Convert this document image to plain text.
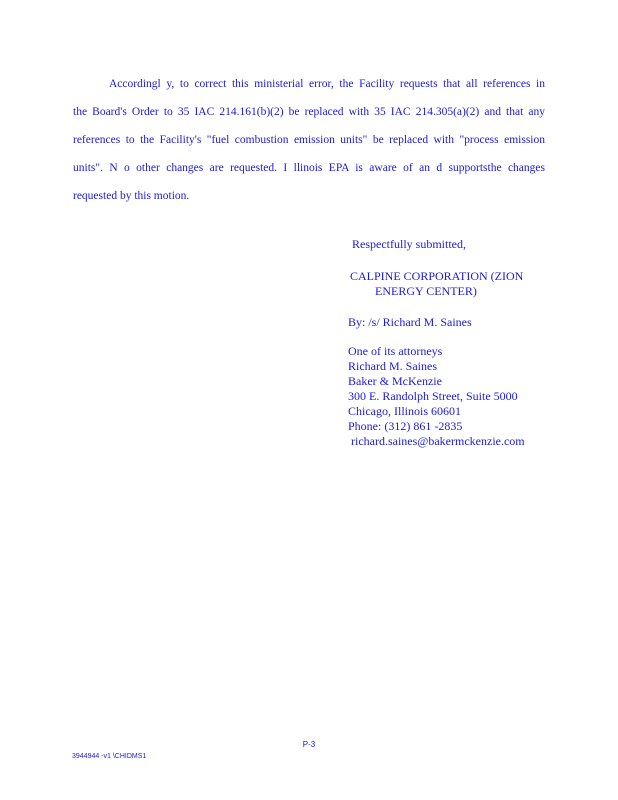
Accordingl y, to correct this ministerial error, the Facility requests that all references in
the Board's Order to 35 IAC 214.161(b)(2) be replaced with 35 IAC 214.305(a)(2) and that any
references to the Facility's "fuel combustion emission units" be replaced with "process emission
units". N o other changes are requested. I llinois EPA is aware of an d supportsthe changes
requested by this motion.
Respectfully submitted,
CALPINE CORPORATION (ZION
ENERGY CENTER)
By: /s/ Richard M. Saines
One of its attorneys
Richard M. Saines
Baker & McKenzie
300 E. Randolph Street, Suite 5000
Chicago, Illinois 60601
Phone: (312) 861 -2835
richard.saines@bakermckenzie.com
P-3
3944944 -v1 \CHIDMS1
